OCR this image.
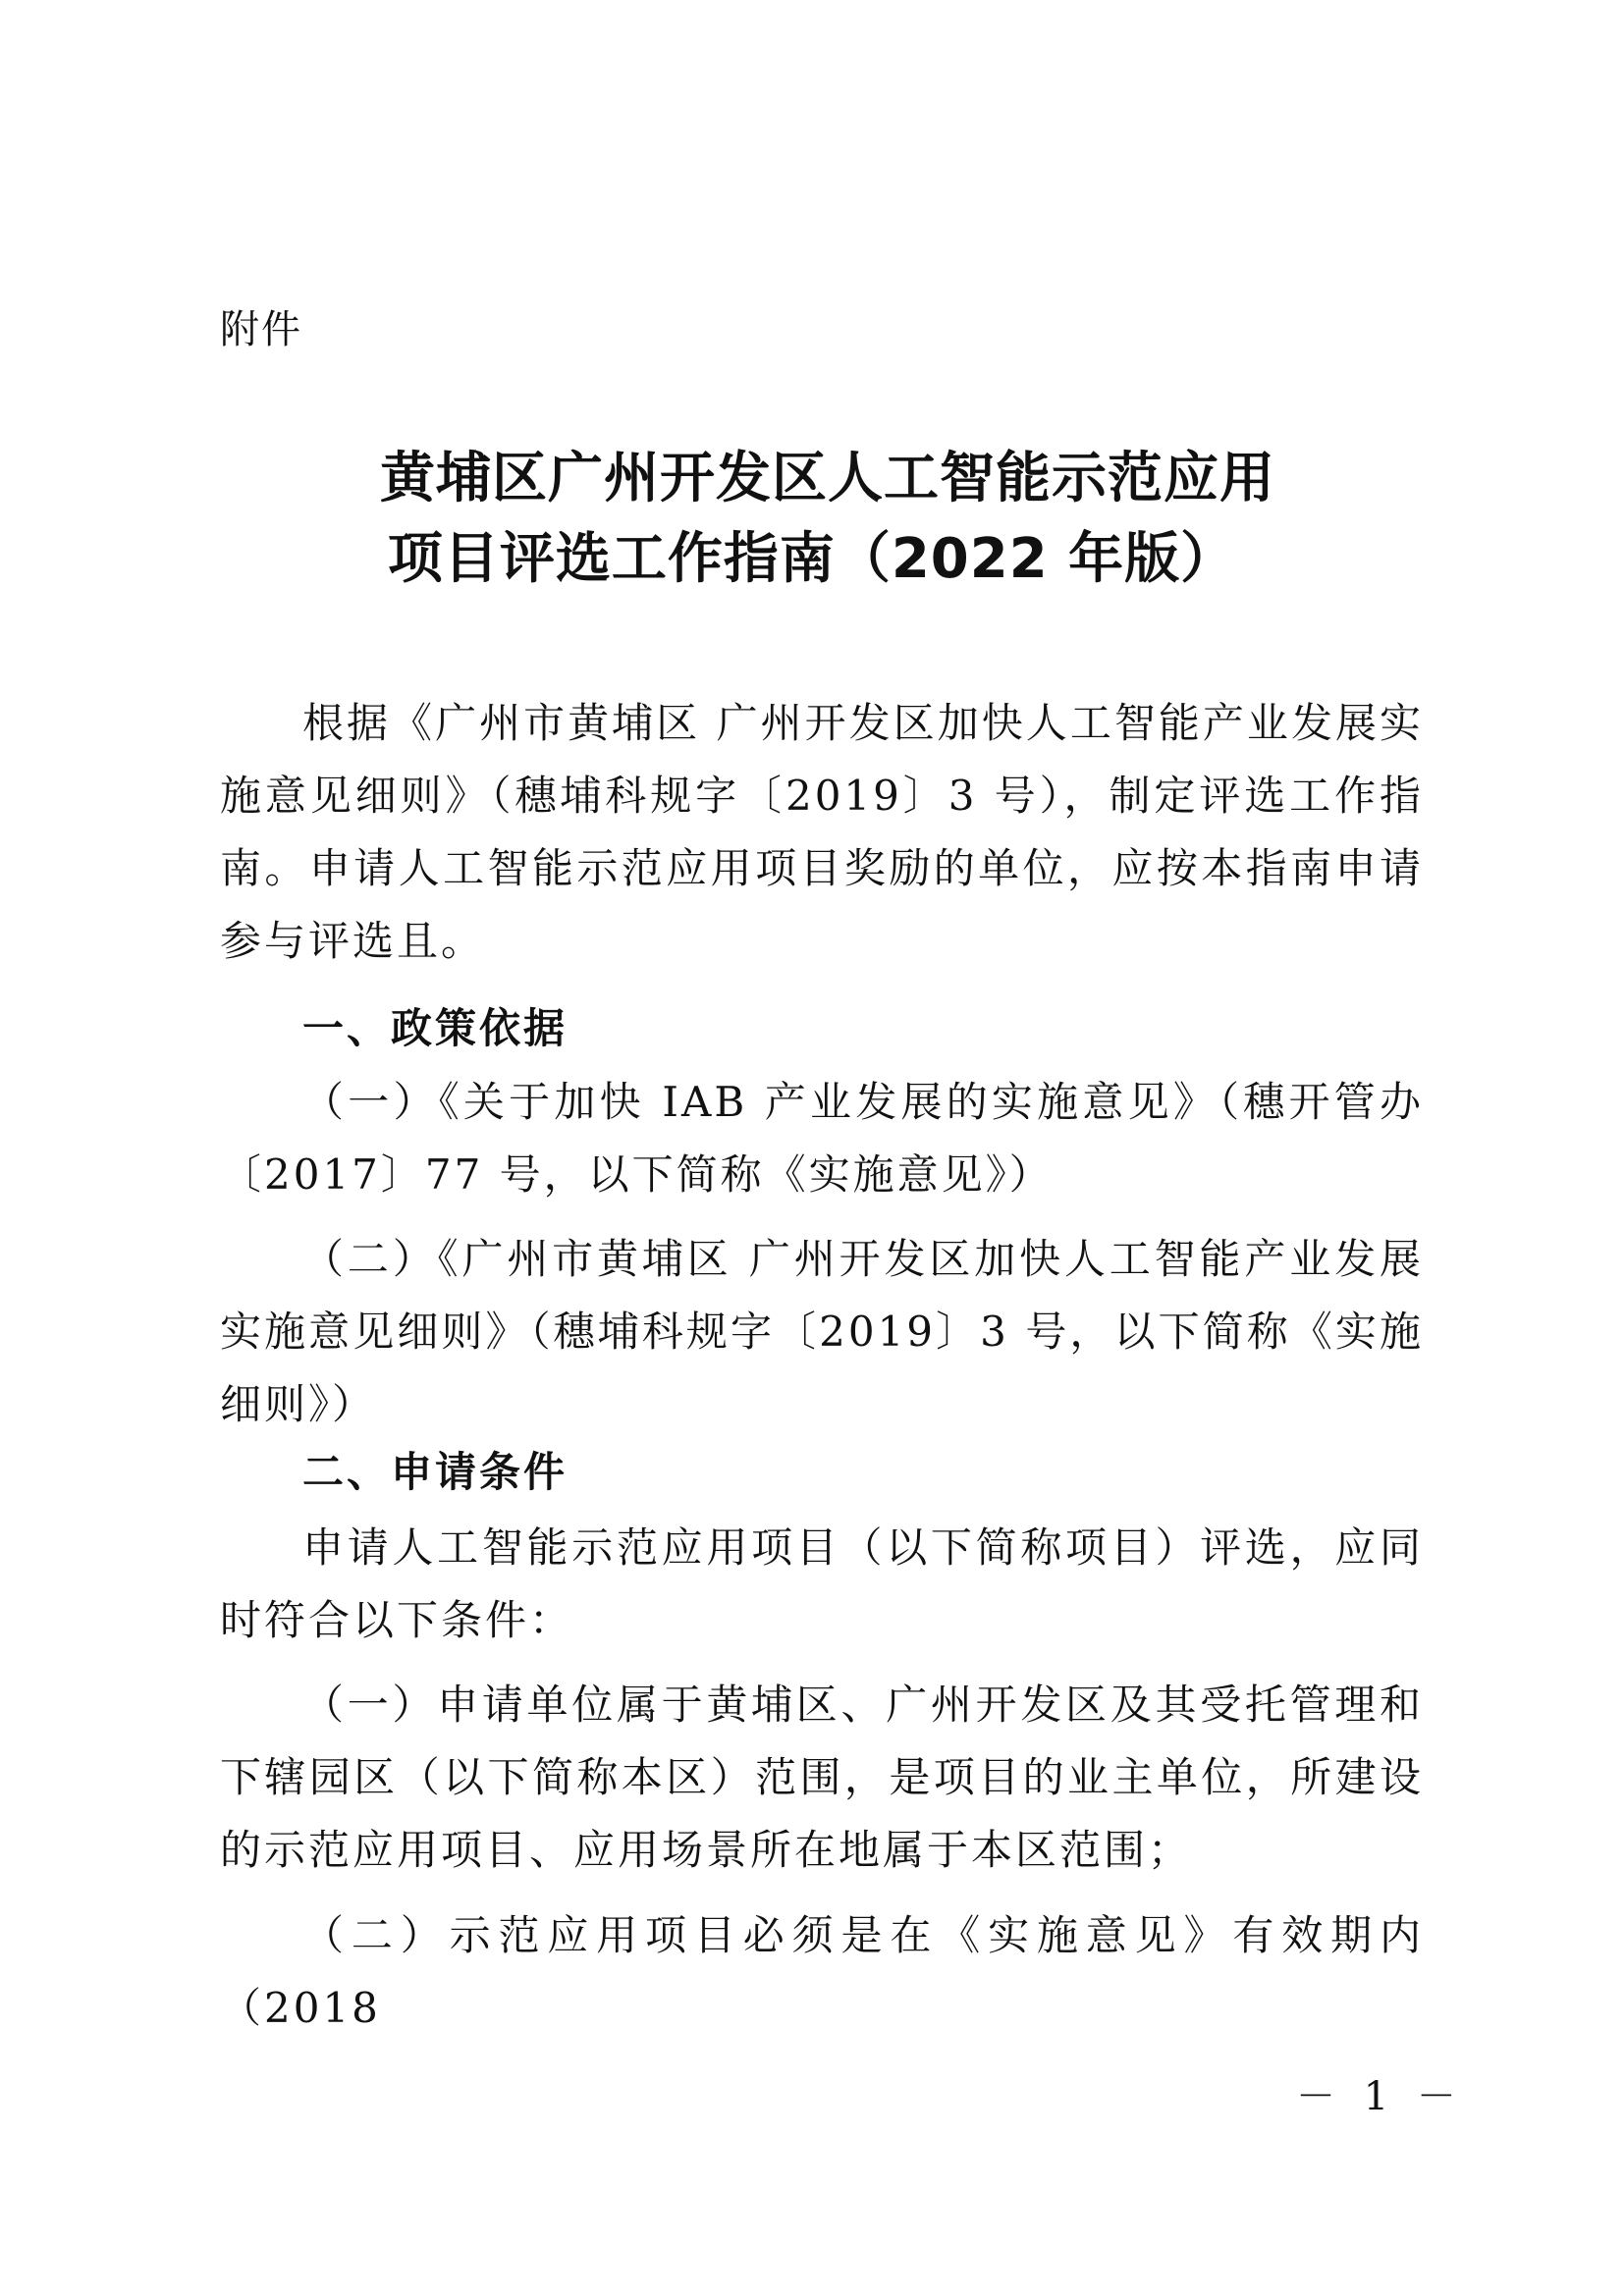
附件
黄埔区广州开发区人工智能示范应用
项目评选工作指南（2022 年版）

根据《广州市黄埔区 广州开发区加快人工智能产业发展实施意见细则》（穗埔科规字〔2019〕3 号），制定评选工作指南。申请人工智能示范应用项目奖励的单位，应按本指南申请参与评选且。

一、政策依据

（一）《关于加快 IAB 产业发展的实施意见》（穗开管办〔2017〕77 号，以下简称《实施意见》）

（二）《广州市黄埔区 广州开发区加快人工智能产业发展实施意见细则》（穗埔科规字〔2019〕3 号，以下简称《实施细则》）

二、申请条件

申请人工智能示范应用项目（以下简称项目）评选，应同时符合以下条件：

（一）申请单位属于黄埔区、广州开发区及其受托管理和下辖园区（以下简称本区）范围，是项目的业主单位，所建设的示范应用项目、应用场景所在地属于本区范围；

（二）示范应用项目必须是在《实施意见》有效期内（2018

－ 1 －
